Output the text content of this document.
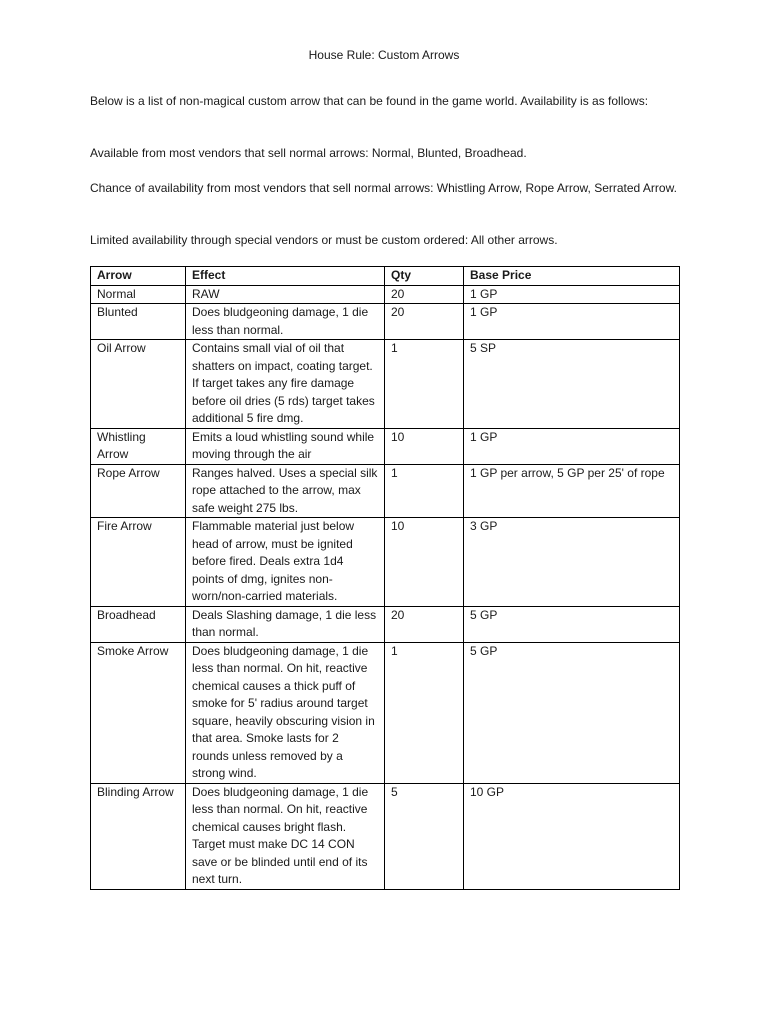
House Rule: Custom Arrows

Below is a list of non-magical custom arrow that can be found in the game world. Availability is as follows:

Available from most vendors that sell normal arrows: Normal, Blunted, Broadhead.

Chance of availability from most vendors that sell normal arrows: Whistling Arrow, Rope Arrow, Serrated Arrow.

Limited availability through special vendors or must be custom ordered: All other arrows.

Arrow	Effect	Qty	Base Price
Normal	RAW	20	1 GP
Blunted	Does bludgeoning damage, 1 die less than normal.	20	1 GP
Oil Arrow	Contains small vial of oil that shatters on impact, coating target. If target takes any fire damage before oil dries (5 rds) target takes additional 5 fire dmg.	1	5 SP
Whistling Arrow	Emits a loud whistling sound while moving through the air	10	1 GP
Rope Arrow	Ranges halved. Uses a special silk rope attached to the arrow, max safe weight 275 lbs.	1	1 GP per arrow, 5 GP per 25' of rope
Fire Arrow	Flammable material just below head of arrow, must be ignited before fired. Deals extra 1d4 points of dmg, ignites non-worn/non-carried materials.	10	3 GP
Broadhead	Deals Slashing damage, 1 die less than normal.	20	5 GP
Smoke Arrow	Does bludgeoning damage, 1 die less than normal. On hit, reactive chemical causes a thick puff of smoke for 5' radius around target square, heavily obscuring vision in that area. Smoke lasts for 2 rounds unless removed by a strong wind.	1	5 GP
Blinding Arrow	Does bludgeoning damage, 1 die less than normal. On hit, reactive chemical causes bright flash. Target must make DC 14 CON save or be blinded until end of its next turn.	5	10 GP
